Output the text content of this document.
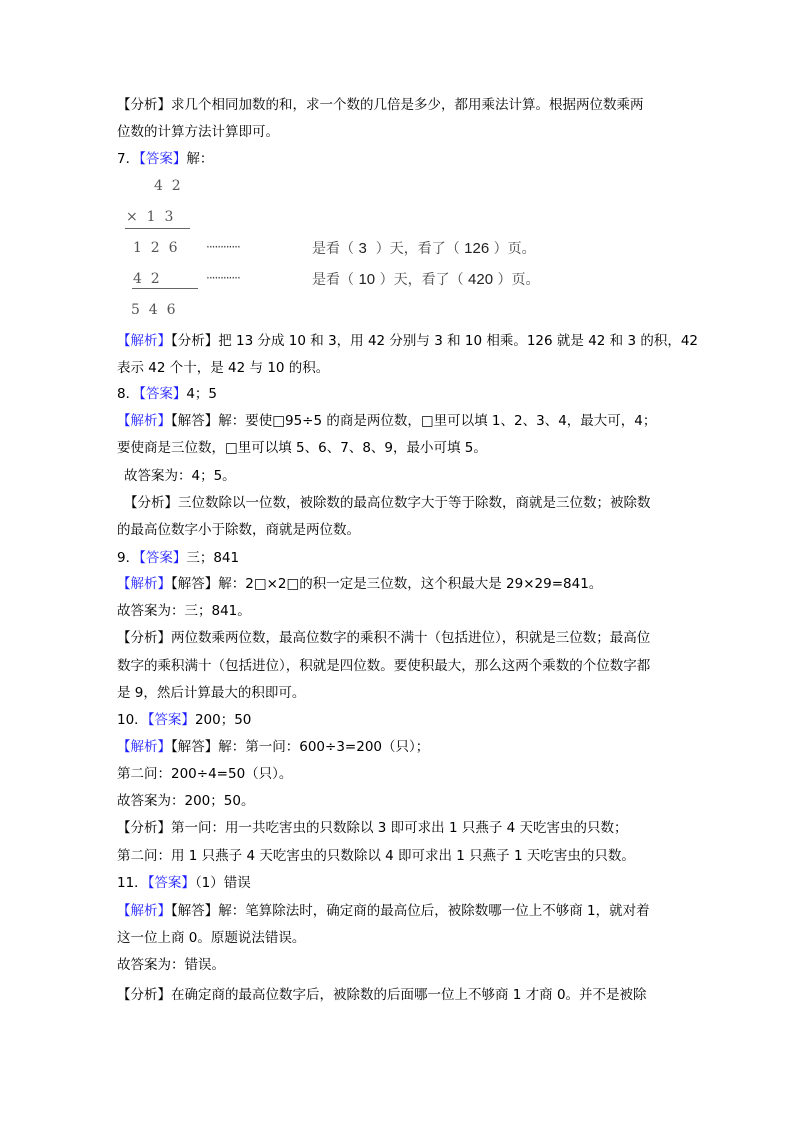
【分析】求几个相同加数的和，求一个数的几倍是多少，都用乘法计算。根据两位数乘两
位数的计算方法计算即可。
7．【答案】解：
【解析】【分析】把 13 分成 10 和 3，用 42 分别与 3 和 10 相乘。126 就是 42 和 3 的积，42
表示 42 个十，是 42 与 10 的积。
8．【答案】4；5
【解析】【解答】解：要使□95÷5 的商是两位数，□里可以填 1、2、3、4，最大可，4；
要使商是三位数，□里可以填 5、6、7、8、9，最小可填 5。
故答案为：4；5。
【分析】三位数除以一位数，被除数的最高位数字大于等于除数，商就是三位数；被除数
的最高位数字小于除数，商就是两位数。
9．【答案】三；841
【解析】【解答】解：2□×2□的积一定是三位数，这个积最大是 29×29=841。
故答案为：三；841。
【分析】两位数乘两位数，最高位数字的乘积不满十（包括进位），积就是三位数；最高位
数字的乘积满十（包括进位），积就是四位数。要使积最大，那么这两个乘数的个位数字都
是 9，然后计算最大的积即可。
10．【答案】200；50
【解析】【解答】解：第一问：600÷3=200（只）；
第二问：200÷4=50（只）。
故答案为：200；50。
【分析】第一问：用一共吃害虫的只数除以 3 即可求出 1 只燕子 4 天吃害虫的只数；
第二问：用 1 只燕子 4 天吃害虫的只数除以 4 即可求出 1 只燕子 1 天吃害虫的只数。
11．【答案】（1）错误
【解析】【解答】解：笔算除法时，确定商的最高位后，被除数哪一位上不够商 1，就对着
这一位上商 0。原题说法错误。
故答案为：错误。
【分析】在确定商的最高位数字后，被除数的后面哪一位上不够商 1 才商 0。并不是被除
4  2
×  1  3
1  2  6 ············	是看（ 3  ）天，看了（ 126 ）页。
4  2	············	是看（ 10 ）天，看了（ 420 ）页。
5  4  6
